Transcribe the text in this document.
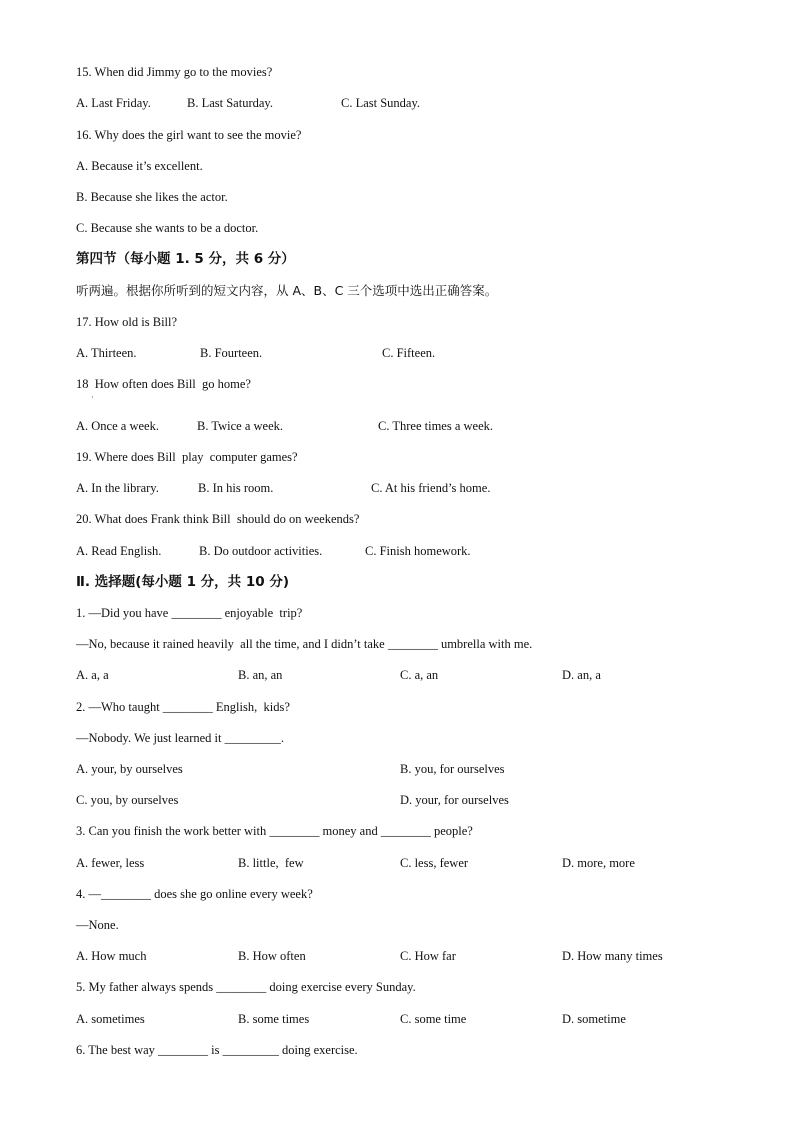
15. When did Jimmy go to the movies?
A. Last Friday.	B. Last Saturday.	C. Last Sunday.
16. Why does the girl want to see the movie?
A. Because it’s excellent.
B. Because she likes the actor.
C. Because she wants to be a doctor.
第四节（每小题 1. 5 分，共 6 分）
听两遍。根据你所听到的短文内容，从 A、B、C 三个选项中选出正确答案。
17. How old is Bill?
A. Thirteen.	B. Fourteen.	C. Fifteen.
18  How often does Bill  go home?
·
A. Once a week.	B. Twice a week.	C. Three times a week.
19. Where does Bill  play  computer games?
A. In the library.	B. In his room.	C. At his friend’s home.
20. What does Frank think Bill  should do on weekends?
A. Read English.	B. Do outdoor activities.	C. Finish homework.
Ⅱ. 选择题(每小题 1 分，共 10 分)
1. —Did you have ________ enjoyable  trip?
—No, because it rained heavily  all the time, and I didn’t take ________ umbrella with me.
A. a, a	B. an, an	C. a, an	D. an, a
2. —Who taught ________ English,  kids?
—Nobody. We just learned it _________.
A. your, by ourselves	B. you, for ourselves
C. you, by ourselves	D. your, for ourselves
3. Can you finish the work better with ________ money and ________ people?
A. fewer, less	B. little,  few	C. less, fewer	D. more, more
4. —________ does she go online every week?
—None.
A. How much	B. How often	C. How far	D. How many times
5. My father always spends ________ doing exercise every Sunday.
A. sometimes	B. some times	C. some time	D. sometime
6. The best way ________ is _________ doing exercise.
